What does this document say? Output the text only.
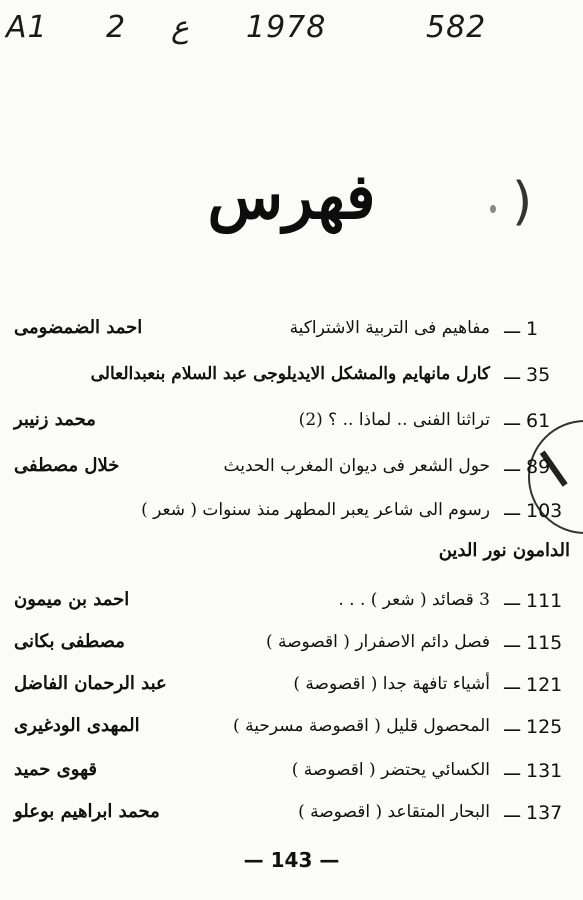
A1 2 ع 1978	582
فهرس	)
1
ـــ
مفاهيم فى التربية الاشتراكية
احمد الضمضومى
35
ـــ
كارل مانهايم والمشكل الايديلوجى عبد السلام بنعبدالعالى
61
ـــ
تراثنا الفنى .. لماذا .. ؟ (2)
محمد زنيبر
89
ـــ
حول الشعر فى ديوان المغرب الحديث
خلال مصطفى
103
ـــ
رسوم الى شاعر يعبر المطهر منذ سنوات ( شعر )
الدامون نور الدين
111
ـــ
3 قصائد ( شعر ) . . .
احمد بن ميمون
115
ـــ
فصل دائم الاصفرار ( اقصوصة )
مصطفى بكانى
121
ـــ
أشياء تافهة جدا ( اقصوصة )
عبد الرحمان الفاضل
125
ـــ
المحصول قليل ( اقصوصة مسرحية )
المهدى الودغيرى
131
ـــ
الكسائي يحتضر ( اقصوصة )
قهوى حميد
137
ـــ
البحار المتقاعد ( اقصوصة )
محمد ابراهيم بوعلو
— 143 —
